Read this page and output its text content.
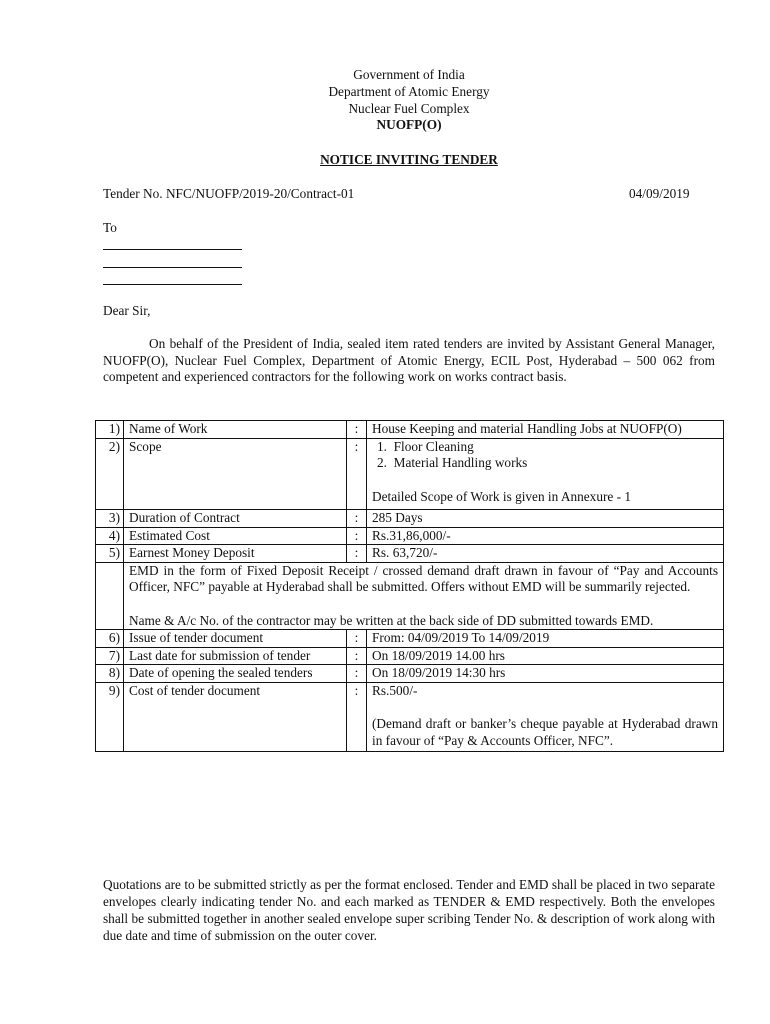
Government of India
Department of Atomic Energy
Nuclear Fuel Complex
NUOFP(O)
NOTICE INVITING TENDER
Tender No. NFC/NUOFP/2019-20/Contract-01	04/09/2019
To
Dear Sir,
On behalf of the President of India, sealed item rated tenders are invited by Assistant General Manager, NUOFP(O), Nuclear Fuel Complex, Department of Atomic Energy, ECIL Post, Hyderabad – 500 062 from competent and experienced contractors for the following work on works contract basis.
1)	Name of Work	:	House Keeping and material Handling Jobs at NUOFP(O)
2)	Scope	:	1. Floor Cleaning
2. Material Handling works
Detailed Scope of Work is given in Annexure - 1

3)	Duration of Contract	:	285 Days
4)	Estimated Cost	:	Rs.31,86,000/-
5)	Earnest Money Deposit	:	Rs. 63,720/-

	EMD in the form of Fixed Deposit Receipt / crossed demand draft drawn in favour of “Pay and Accounts Officer, NFC” payable at Hyderabad shall be submitted. Offers without EMD will be summarily rejected.
Name & A/c No. of the contractor may be written at the back side of DD submitted towards EMD.		

6)	Issue of tender document	:	From: 04/09/2019 To 14/09/2019
7)	Last date for submission of tender	:	On 18/09/2019 14.00 hrs
8)	Date of opening the sealed tenders	:	On 18/09/2019 14:30 hrs
9)	Cost of tender document	:	Rs.500/-
(Demand draft or banker’s cheque payable at Hyderabad drawn in favour of “Pay & Accounts Officer, NFC”.
Quotations are to be submitted strictly as per the format enclosed. Tender and EMD shall be placed in two separate envelopes clearly indicating tender No. and each marked as TENDER & EMD respectively. Both the envelopes shall be submitted together in another sealed envelope super scribing Tender No. & description of work along with due date and time of submission on the outer cover.
